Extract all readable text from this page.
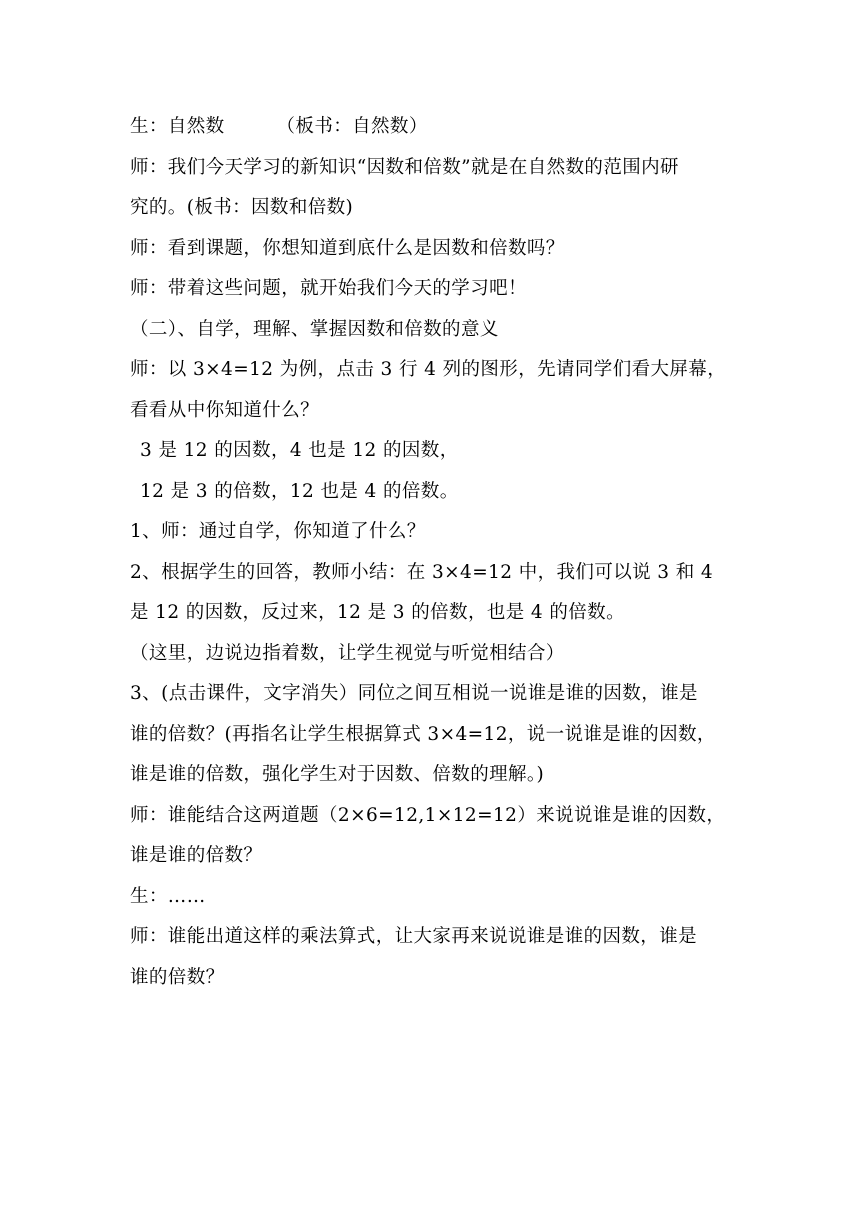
生：自然数	（板书：自然数）
师：我们今天学习的新知识“因数和倍数”就是在自然数的范围内研
究的。(板书：因数和倍数)
师：看到课题，你想知道到底什么是因数和倍数吗？
师：带着这些问题，就开始我们今天的学习吧！
（二）、自学，理解、掌握因数和倍数的意义
师：以 3×4=12 为例，点击 3 行 4 列的图形，先请同学们看大屏幕，
看看从中你知道什么？
3 是 12 的因数，4 也是 12 的因数，
12 是 3 的倍数，12 也是 4 的倍数。
1、师：通过自学，你知道了什么？
2、根据学生的回答，教师小结：在 3×4=12 中，我们可以说 3 和 4
是 12 的因数，反过来，12 是 3 的倍数，也是 4 的倍数。
（这里，边说边指着数，让学生视觉与听觉相结合）
3、(点击课件，文字消失）同位之间互相说一说谁是谁的因数，谁是
谁的倍数？(再指名让学生根据算式 3×4=12，说一说谁是谁的因数，
谁是谁的倍数，强化学生对于因数、倍数的理解。)
师：谁能结合这两道题（2×6=12,1×12=12）来说说谁是谁的因数，
谁是谁的倍数？
生：……
师：谁能出道这样的乘法算式，让大家再来说说谁是谁的因数，谁是
谁的倍数？
